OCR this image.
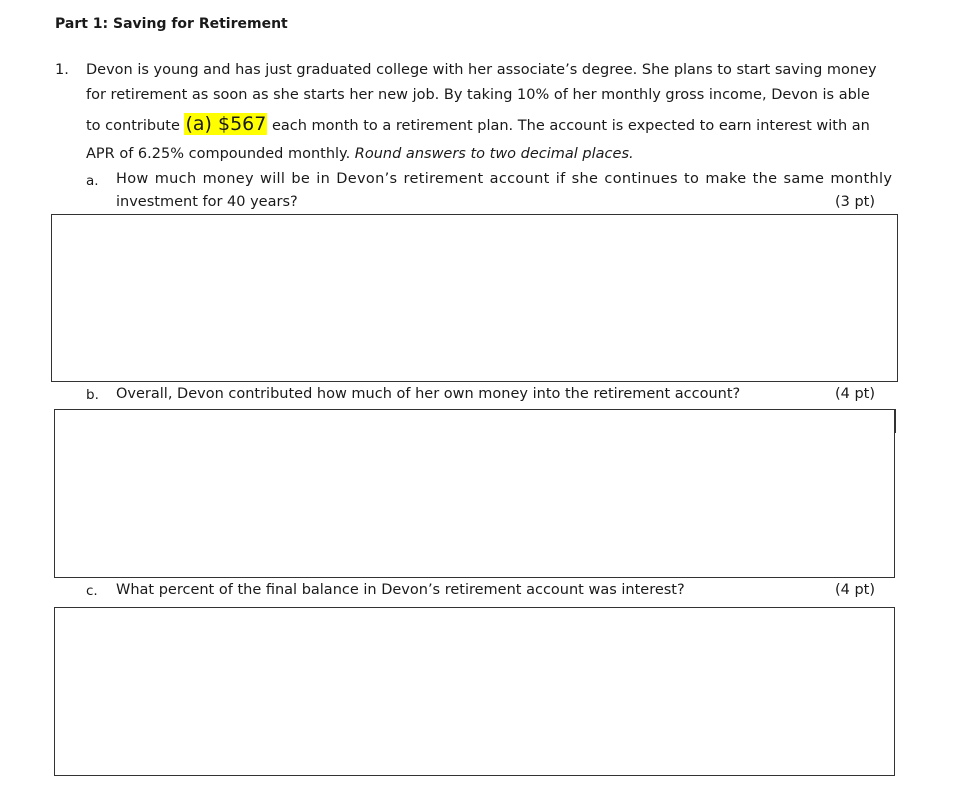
Part 1: Saving for Retirement
1. Devon is young and has just graduated college with her associate’s degree. She plans to start saving money
for retirement as soon as she starts her new job. By taking 10% of her monthly gross income, Devon is able
to contribute (a) $567 each month to a retirement plan. The account is expected to earn interest with an
APR of 6.25% compounded monthly. Round answers to two decimal places.
a. How much money will be in Devon’s retirement account if she continues to make the same monthly
investment for 40 years?	(3 pt)
b. Overall, Devon contributed how much of her own money into the retirement account?	(4 pt)
c. What percent of the final balance in Devon’s retirement account was interest?	(4 pt)
